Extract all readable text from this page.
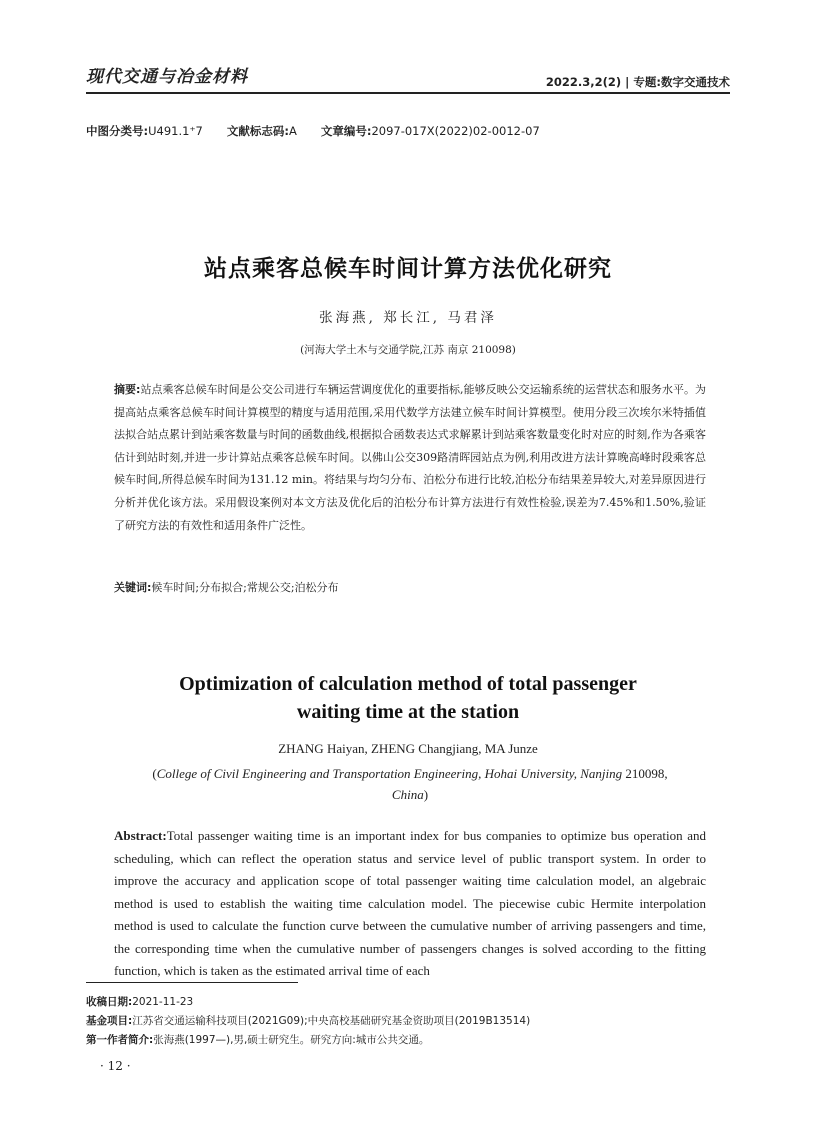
现代交通与冶金材料	2022.3,2(2) | 专题:数字交通技术
中图分类号:U491.1⁺7 文献标志码:A 文章编号:2097-017X(2022)02-0012-07
站点乘客总候车时间计算方法优化研究
张海燕, 郑长江, 马君泽
(河海大学土木与交通学院,江苏 南京 210098)
摘要:站点乘客总候车时间是公交公司进行车辆运营调度优化的重要指标,能够反映公交运输系统的运营状态和服务水平。为提高站点乘客总候车时间计算模型的精度与适用范围,采用代数学方法建立候车时间计算模型。使用分段三次埃尔米特插值法拟合站点累计到站乘客数量与时间的函数曲线,根据拟合函数表达式求解累计到站乘客数量变化时对应的时刻,作为各乘客估计到站时刻,并进一步计算站点乘客总候车时间。以佛山公交309路清晖园站点为例,利用改进方法计算晚高峰时段乘客总候车时间,所得总候车时间为131.12 min。将结果与均匀分布、泊松分布进行比较,泊松分布结果差异较大,对差异原因进行分析并优化该方法。采用假设案例对本文方法及优化后的泊松分布计算方法进行有效性检验,误差为7.45%和1.50%,验证了研究方法的有效性和适用条件广泛性。
关键词:候车时间;分布拟合;常规公交;泊松分布
Optimization of calculation method of total passenger
waiting time at the station
ZHANG Haiyan, ZHENG Changjiang, MA Junze
(College of Civil Engineering and Transportation Engineering, Hohai University, Nanjing 210098,
China)
Abstract:Total passenger waiting time is an important index for bus companies to optimize bus operation and scheduling, which can reflect the operation status and service level of public transport system. In order to improve the accuracy and application scope of total passenger waiting time calculation model, an algebraic method is used to establish the waiting time calculation model. The piecewise cubic Hermite interpolation method is used to calculate the function curve between the cumulative number of arriving passengers and time, the corresponding time when the cumulative number of passengers changes is solved according to the fitting function, which is taken as the estimated arrival time of each
收稿日期:2021-11-23
基金项目:江苏省交通运输科技项目(2021G09);中央高校基础研究基金资助项目(2019B13514)
第一作者简介:张海燕(1997—),男,硕士研究生。研究方向:城市公共交通。
· 12 ·
